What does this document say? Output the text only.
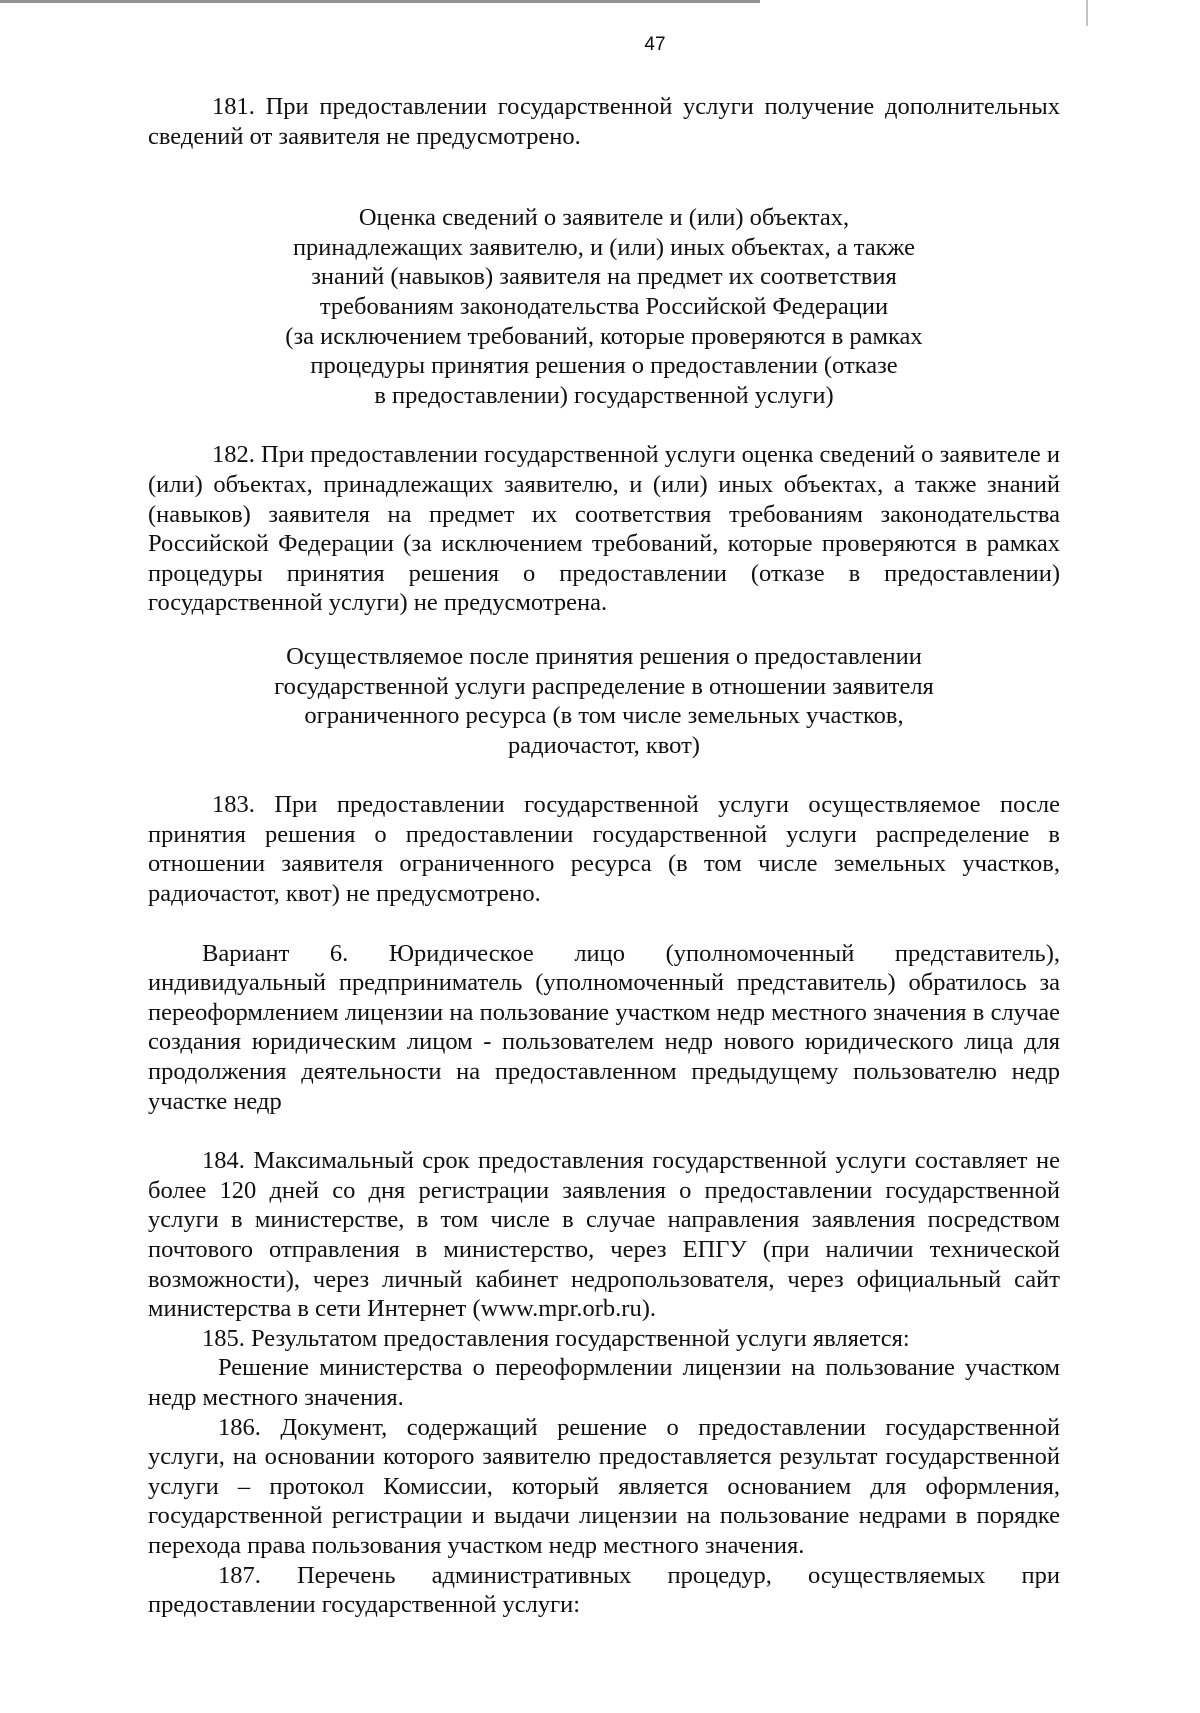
47

181. При предоставлении государственной услуги получение дополнительных сведений от заявителя не предусмотрено.

Оценка сведений о заявителе и (или) объектах,
принадлежащих заявителю, и (или) иных объектах, а также
знаний (навыков) заявителя на предмет их соответствия
требованиям законодательства Российской Федерации
(за исключением требований, которые проверяются в рамках
процедуры принятия решения о предоставлении (отказе
в предоставлении) государственной услуги)

182. При предоставлении государственной услуги оценка сведений о заявителе и (или) объектах, принадлежащих заявителю, и (или) иных объектах, а также знаний (навыков) заявителя на предмет их соответствия требованиям законодательства Российской Федерации (за исключением требований, которые проверяются в рамках процедуры принятия решения о предоставлении (отказе в предоставлении) государственной услуги) не предусмотрена.

Осуществляемое после принятия решения о предоставлении
государственной услуги распределение в отношении заявителя
ограниченного ресурса (в том числе земельных участков,
радиочастот, квот)

183. При предоставлении государственной услуги осуществляемое после принятия решения о предоставлении государственной услуги распределение в отношении заявителя ограниченного ресурса (в том числе земельных участков, радиочастот, квот) не предусмотрено.

Вариант 6. Юридическое лицо (уполномоченный представитель), индивидуальный предприниматель (уполномоченный представитель) обратилось за переоформлением лицензии на пользование участком недр местного значения в случае создания юридическим лицом - пользователем недр нового юридического лица для продолжения деятельности на предоставленном предыдущему пользователю недр участке недр

184. Максимальный срок предоставления государственной услуги составляет не более 120 дней со дня регистрации заявления о предоставлении государственной услуги в министерстве, в том числе в случае направления заявления посредством почтового отправления в министерство, через ЕПГУ (при наличии технической возможности), через личный кабинет недропользователя, через официальный сайт министерства в сети Интернет (www.mpr.orb.ru).

185. Результатом предоставления государственной услуги является:

Решение министерства о переоформлении лицензии на пользование участком недр местного значения.

186. Документ, содержащий решение о предоставлении государственной услуги, на основании которого заявителю предоставляется результат государственной услуги – протокол Комиссии, который является основанием для оформления, государственной регистрации и выдачи лицензии на пользование недрами в порядке перехода права пользования участком недр местного значения.

187. Перечень административных процедур, осуществляемых при предоставлении государственной услуги:
